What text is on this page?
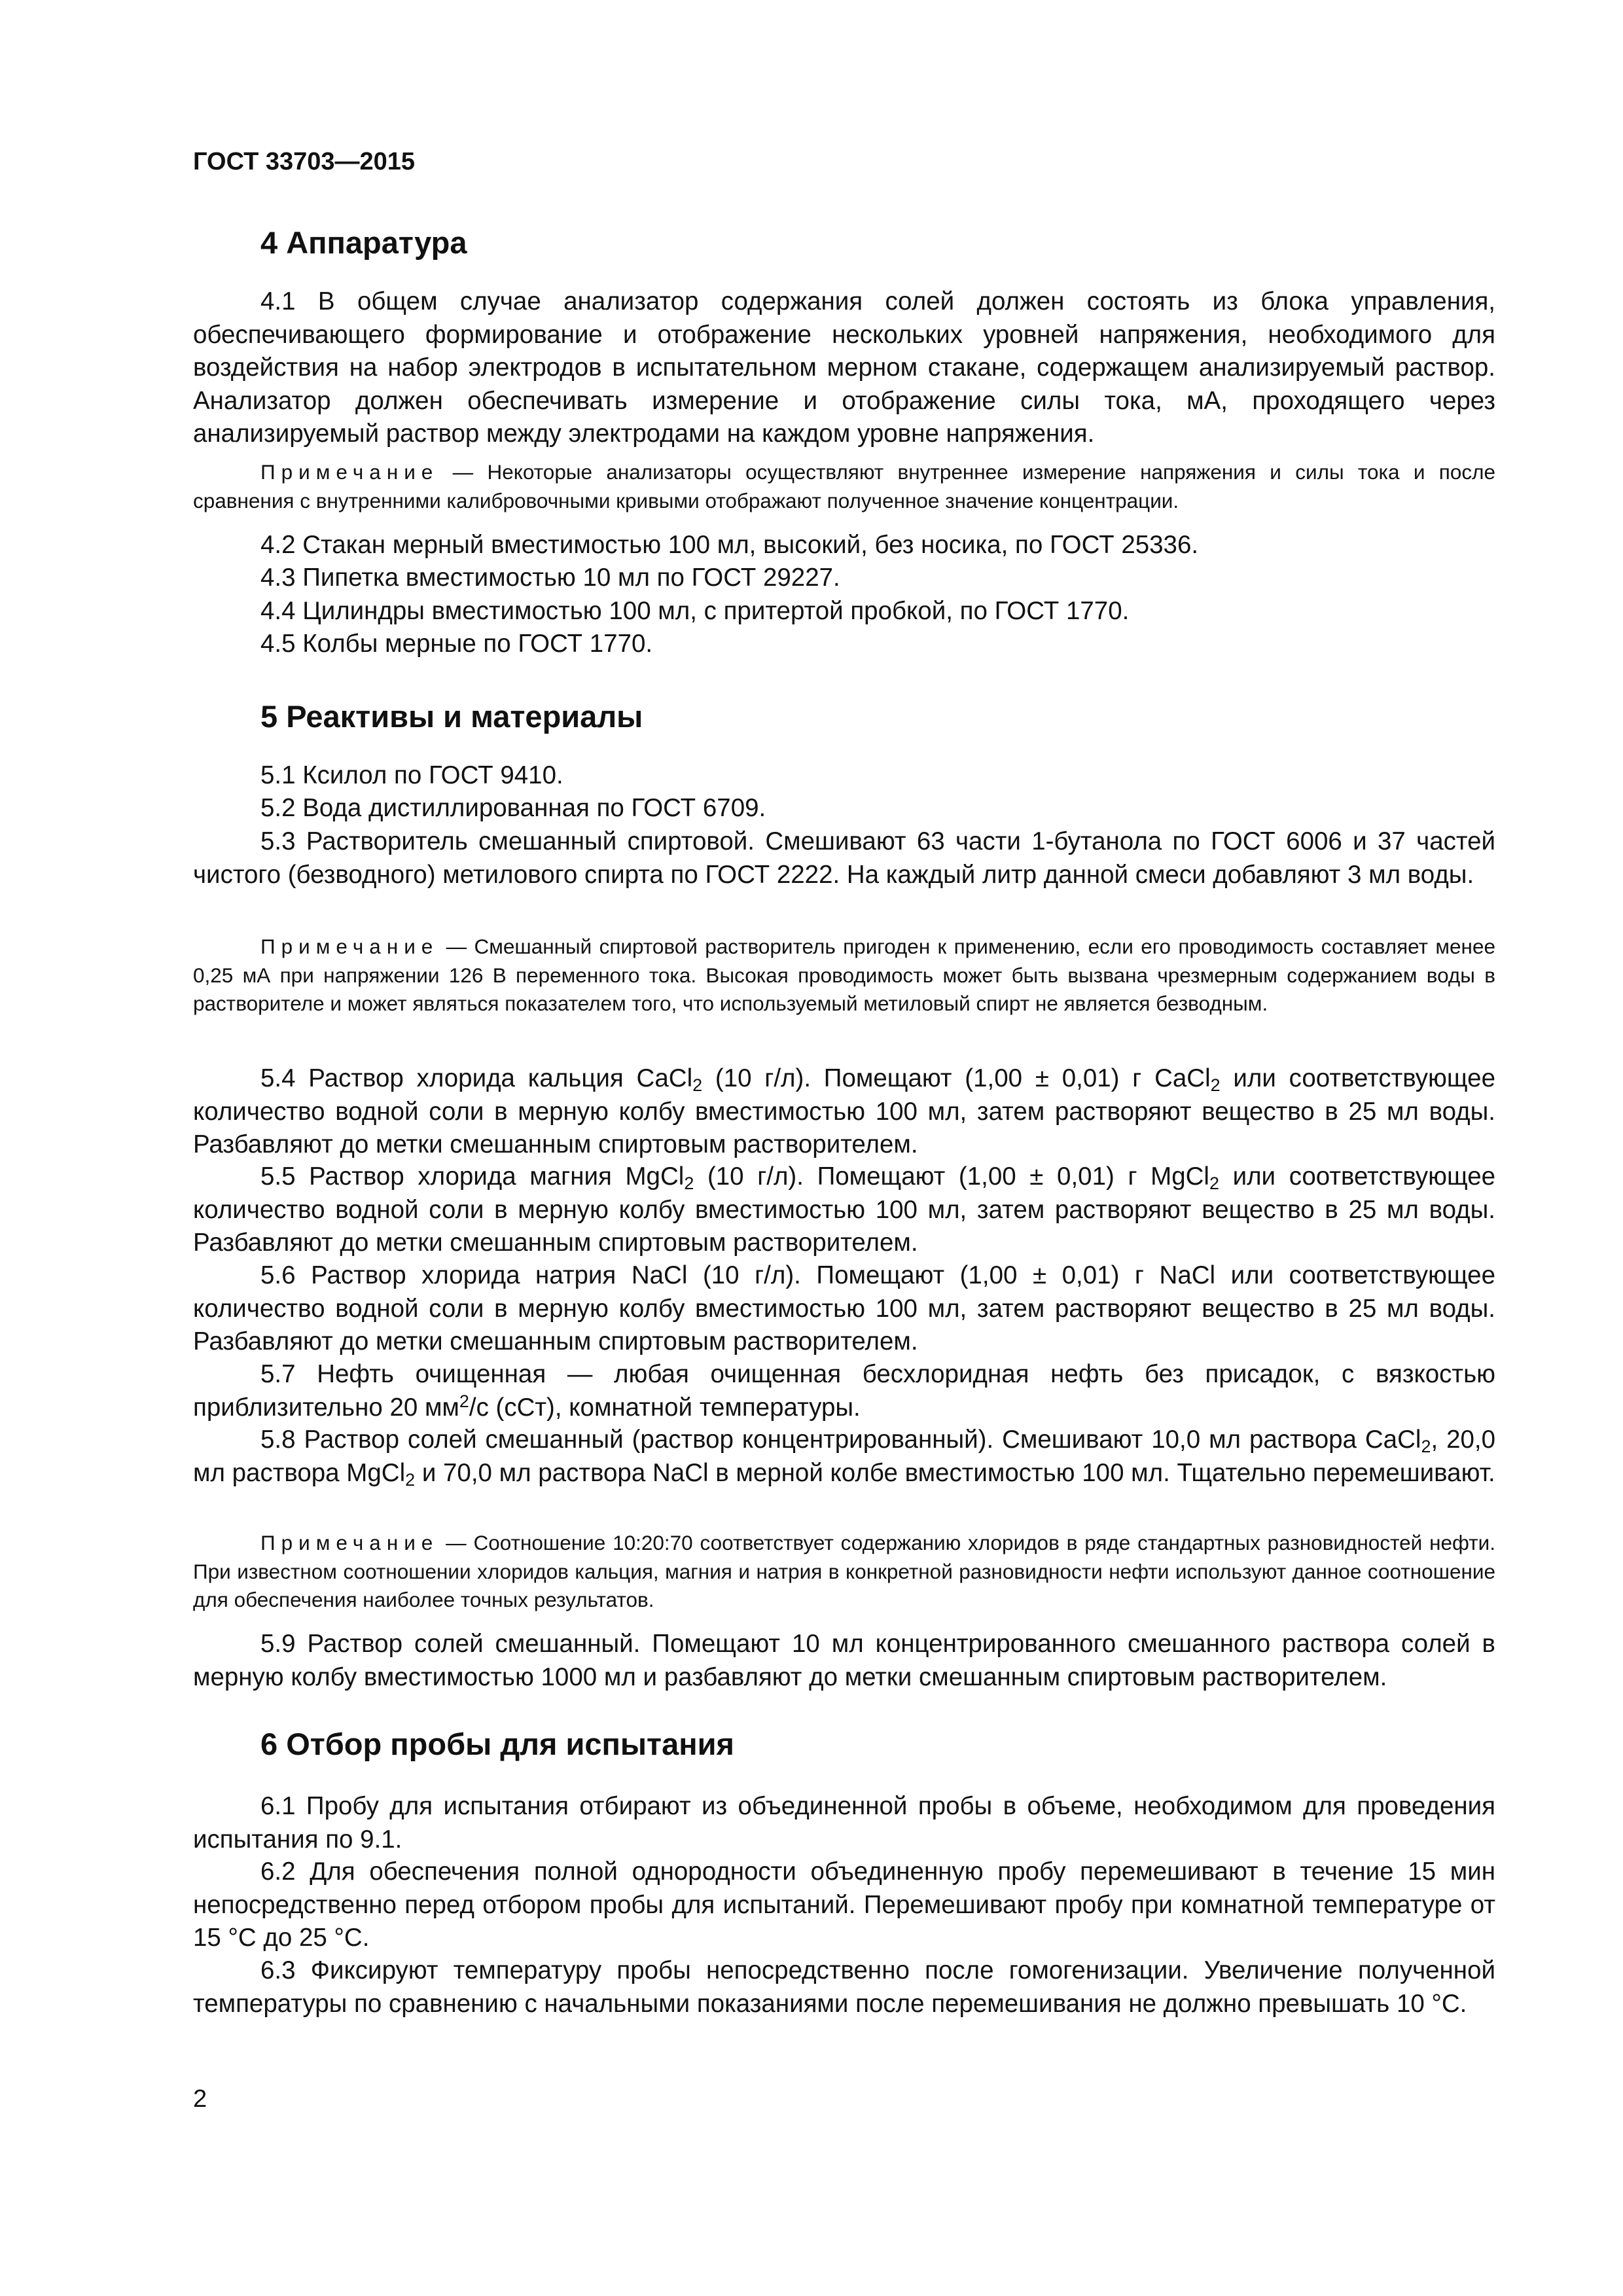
ГОСТ 33703—2015
4 Аппаратура

4.1 В общем случае анализатор содержания солей должен состоять из блока управления, обеспечивающего формирование и отображение нескольких уровней напряжения, необходимого для воздействия на набор электродов в испытательном мерном стакане, содержащем анализируемый раствор. Анализатор должен обеспечивать измерение и отображение силы тока, мА, проходящего через анализируемый раствор между электродами на каждом уровне напряжения.

Примечание — Некоторые анализаторы осуществляют внутреннее измерение напряжения и силы тока и после сравнения с внутренними калибровочными кривыми отображают полученное значение концентрации.

4.2 Стакан мерный вместимостью 100 мл, высокий, без носика, по ГОСТ 25336.

4.3 Пипетка вместимостью 10 мл по ГОСТ 29227.

4.4 Цилиндры вместимостью 100 мл, с притертой пробкой, по ГОСТ 1770.

4.5 Колбы мерные по ГОСТ 1770.

5 Реактивы и материалы

5.1 Ксилол по ГОСТ 9410.

5.2 Вода дистиллированная по ГОСТ 6709.

5.3 Растворитель смешанный спиртовой. Смешивают 63 части 1-бутанола по ГОСТ 6006 и 37 частей чистого (безводного) метилового спирта по ГОСТ 2222. На каждый литр данной смеси добавляют 3 мл воды.

Примечание — Смешанный спиртовой растворитель пригоден к применению, если его проводимость составляет менее 0,25 мА при напряжении 126 В переменного тока. Высокая проводимость может быть вызвана чрезмерным содержанием воды в растворителе и может являться показателем того, что используемый метиловый спирт не является безводным.

5.4 Раствор хлорида кальция CaCl$_2$ (10 г/л). Помещают (1,00 ± 0,01) г CaCl$_2$ или соответствующее количество водной соли в мерную колбу вместимостью 100 мл, затем растворяют вещество в 25 мл воды. Разбавляют до метки смешанным спиртовым растворителем.

5.5 Раствор хлорида магния MgCl$_2$ (10 г/л). Помещают (1,00 ± 0,01) г MgCl$_2$ или соответствующее количество водной соли в мерную колбу вместимостью 100 мл, затем растворяют вещество в 25 мл воды. Разбавляют до метки смешанным спиртовым растворителем.

5.6 Раствор хлорида натрия NaCl (10 г/л). Помещают (1,00 ± 0,01) г NaCl или соответствующее количество водной соли в мерную колбу вместимостью 100 мл, затем растворяют вещество в 25 мл воды. Разбавляют до метки смешанным спиртовым растворителем.

5.7 Нефть очищенная — любая очищенная бесхлоридная нефть без присадок, с вязкостью приблизительно 20 $мм^2/с$ (сСт), комнатной температуры.

5.8 Раствор солей смешанный (раствор концентрированный). Смешивают 10,0 мл раствора CaCl$_2$, 20,0 мл раствора MgCl$_2$ и 70,0 мл раствора NaCl в мерной колбе вместимостью 100 мл. Тщательно перемешивают.

Примечание — Соотношение 10:20:70 соответствует содержанию хлоридов в ряде стандартных разновидностей нефти. При известном соотношении хлоридов кальция, магния и натрия в конкретной разновидности нефти используют данное соотношение для обеспечения наиболее точных результатов.

5.9 Раствор солей смешанный. Помещают 10 мл концентрированного смешанного раствора солей в мерную колбу вместимостью 1000 мл и разбавляют до метки смешанным спиртовым растворителем.

6 Отбор пробы для испытания

6.1 Пробу для испытания отбирают из объединенной пробы в объеме, необходимом для проведения испытания по 9.1.

6.2 Для обеспечения полной однородности объединенную пробу перемешивают в течение 15 мин непосредственно перед отбором пробы для испытаний. Перемешивают пробу при комнатной температуре от 15 °С до 25 °С.

6.3 Фиксируют температуру пробы непосредственно после гомогенизации. Увеличение полученной температуры по сравнению с начальными показаниями после перемешивания не должно превышать 10 °С.

2
